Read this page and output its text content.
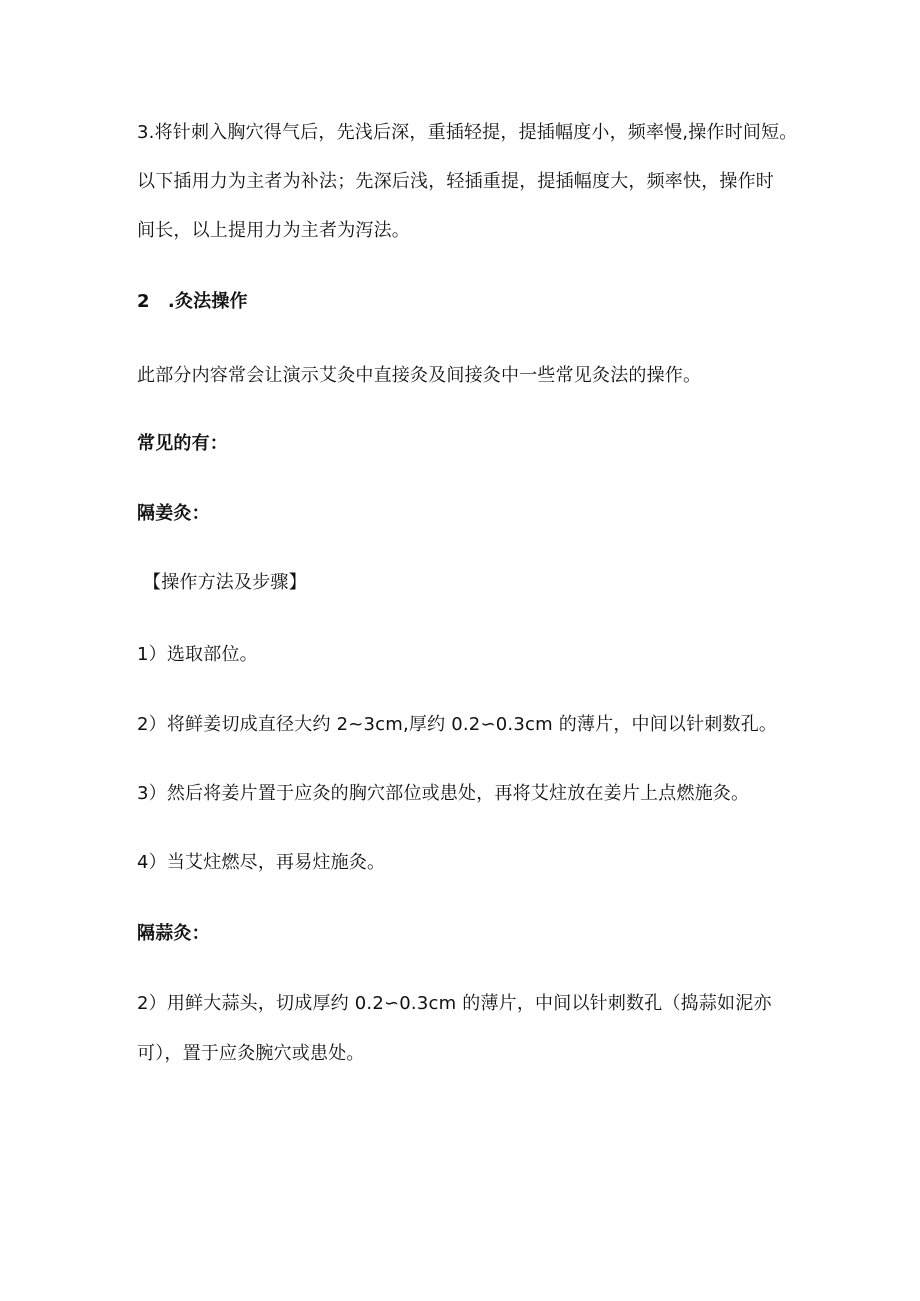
3.将针刺入胸穴得气后，先浅后深，重插轻提，提插幅度小，频率慢,操作时间短。
以下插用力为主者为补法；先深后浅，轻插重提，提插幅度大，频率快，操作时
间长，以上提用力为主者为泻法。
2　.灸法操作
此部分内容常会让演示艾灸中直接灸及间接灸中一些常见灸法的操作。
常见的有：
隔姜灸：
【操作方法及步骤】
1）选取部位。
2）将鲜姜切成直径大约 2~3cm,厚约 0.2∽0.3cm 的薄片，中间以针刺数孔。
3）然后将姜片置于应灸的胸穴部位或患处，再将艾炷放在姜片上点燃施灸。
4）当艾炷燃尽，再易炷施灸。
隔蒜灸：
2）用鲜大蒜头，切成厚约 0.2∽0.3cm 的薄片，中间以针刺数孔（捣蒜如泥亦
可），置于应灸腕穴或患处。
